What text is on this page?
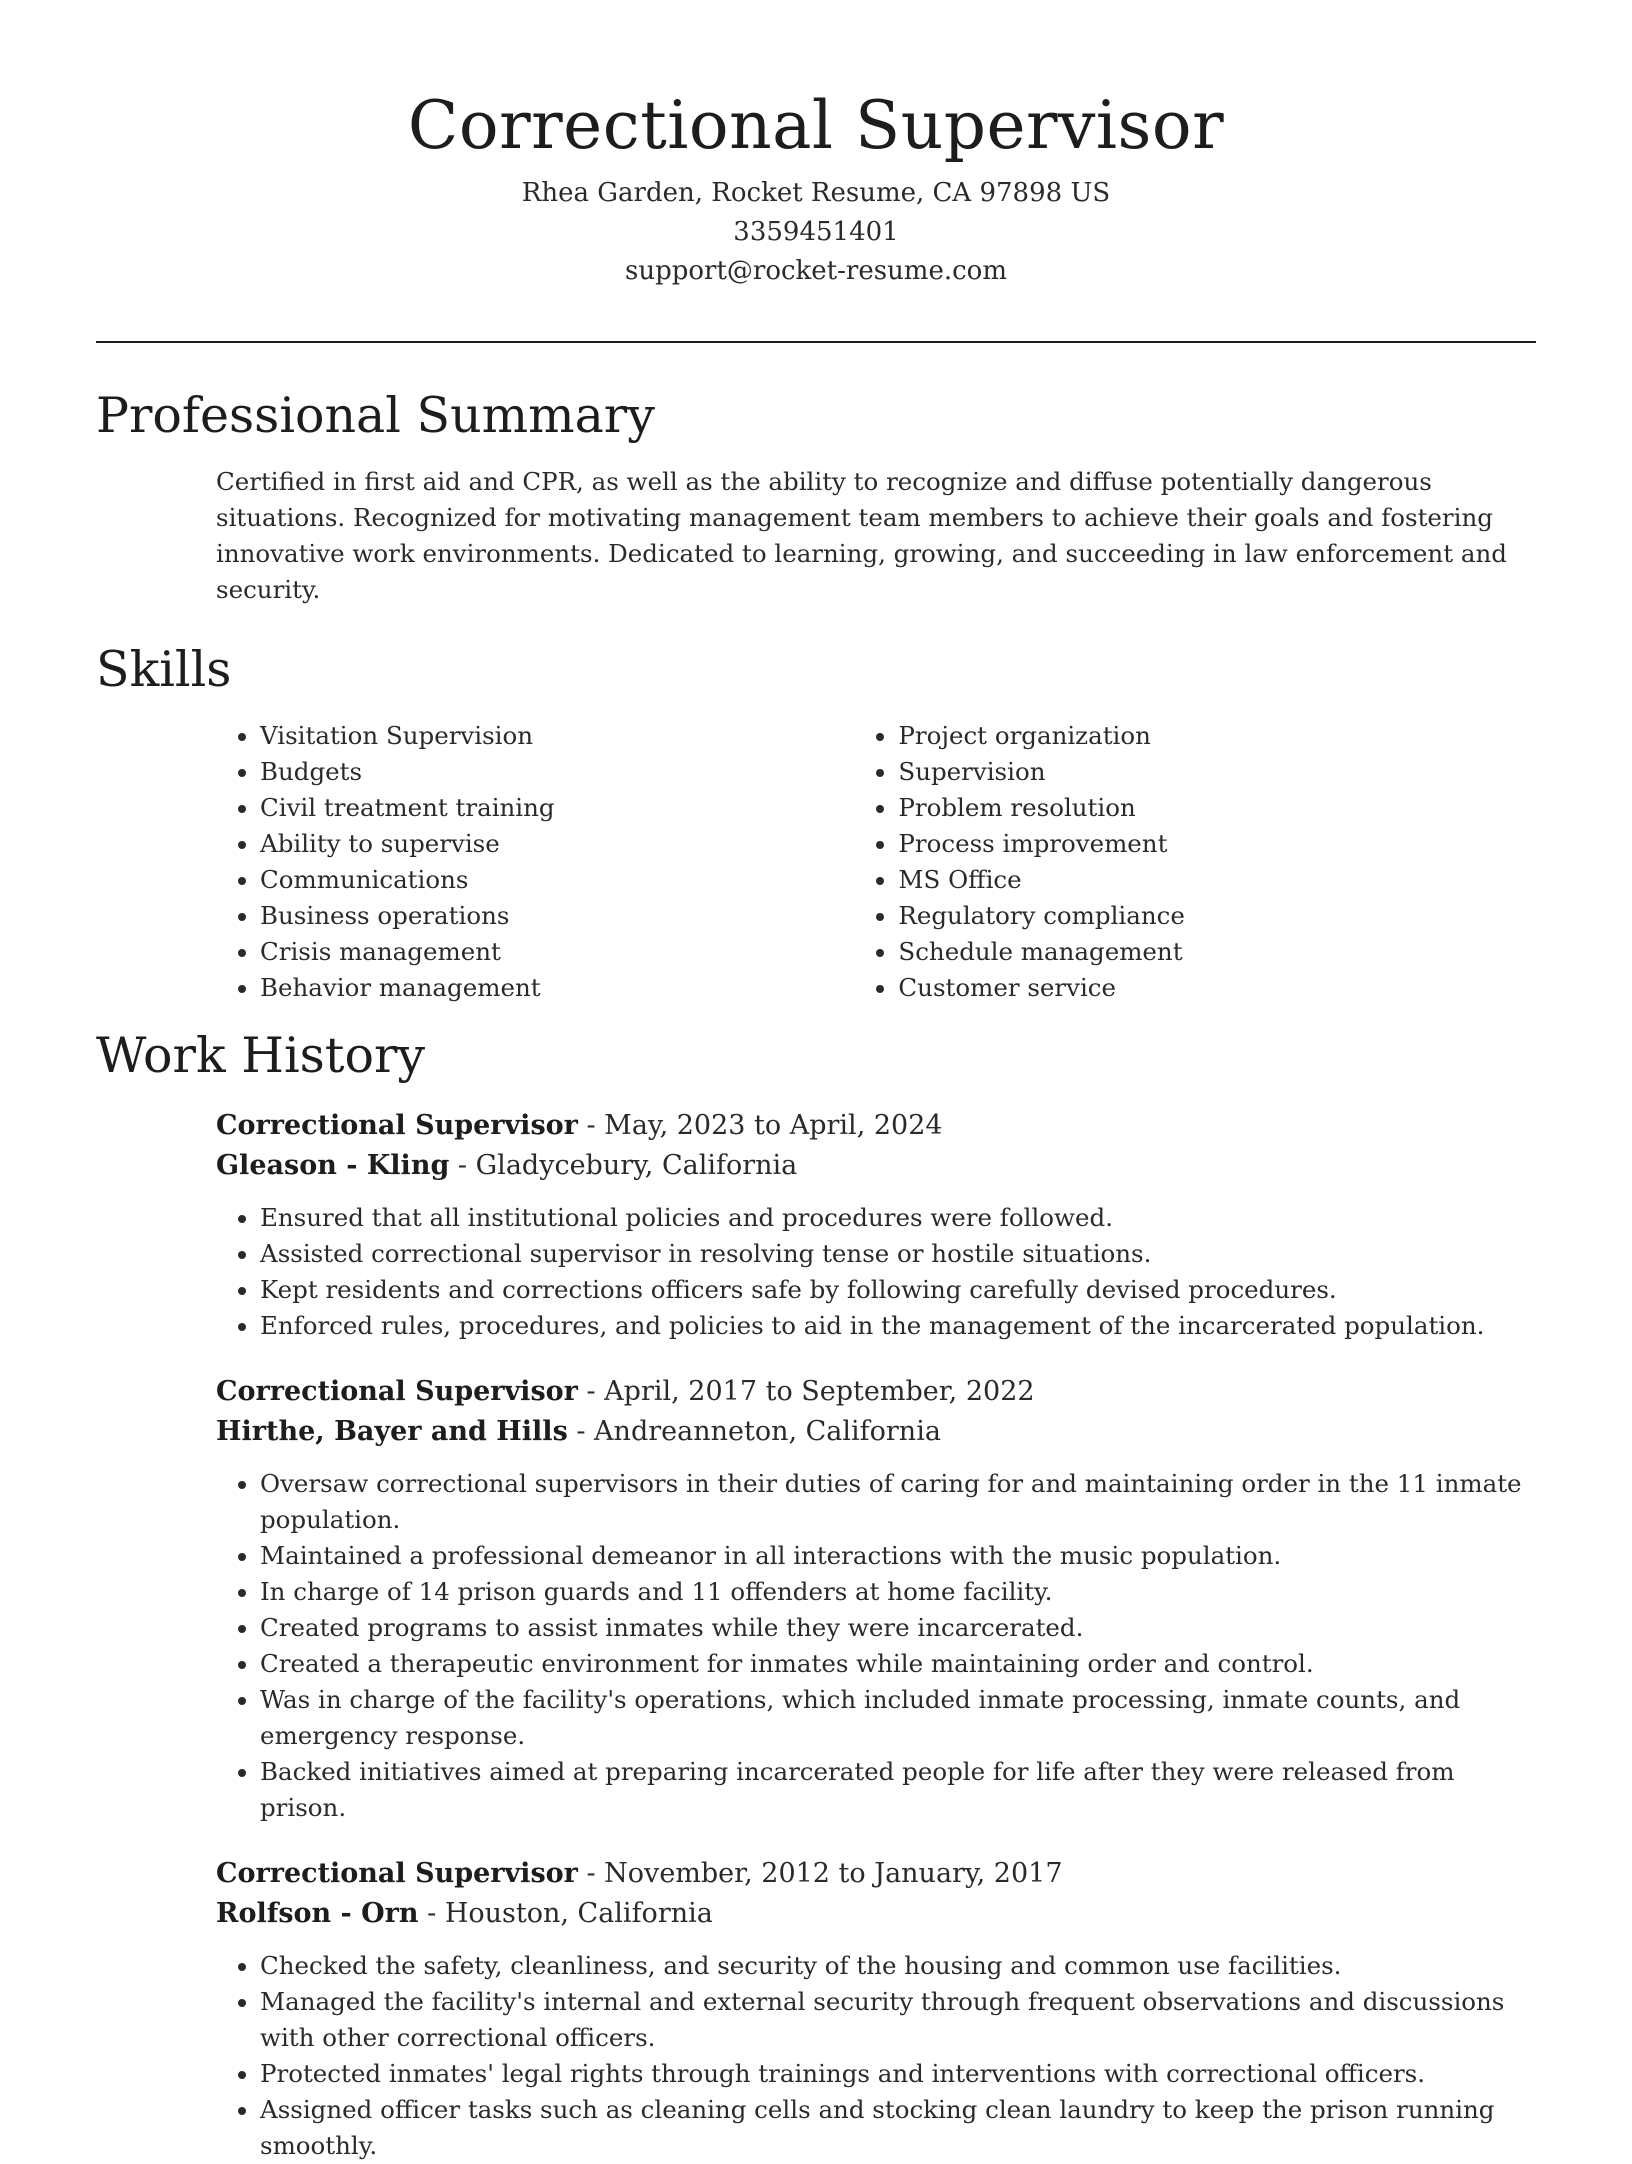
Correctional Supervisor
Rhea Garden, Rocket Resume, CA 97898 US
3359451401
support@rocket-resume.com
Professional Summary

Certified in first aid and CPR, as well as the ability to recognize and diffuse potentially dangerous situations. Recognized for motivating management team members to achieve their goals and fostering innovative work environments. Dedicated to learning, growing, and succeeding in law enforcement and security.

Skills
• Visitation Supervision
• Budgets
• Civil treatment training
• Ability to supervise
• Communications
• Business operations
• Crisis management
• Behavior management
• Project organization
• Supervision
• Problem resolution
• Process improvement
• MS Office
• Regulatory compliance
• Schedule management
• Customer service
Work History
Correctional Supervisor - May, 2023 to April, 2024
Gleason - Kling - Gladycebury, California
• Ensured that all institutional policies and procedures were followed.
• Assisted correctional supervisor in resolving tense or hostile situations.
• Kept residents and corrections officers safe by following carefully devised procedures.
• Enforced rules, procedures, and policies to aid in the management of the incarcerated population.
Correctional Supervisor - April, 2017 to September, 2022
Hirthe, Bayer and Hills - Andreanneton, California
• Oversaw correctional supervisors in their duties of caring for and maintaining order in the 11 inmate population.
• Maintained a professional demeanor in all interactions with the music population.
• In charge of 14 prison guards and 11 offenders at home facility.
• Created programs to assist inmates while they were incarcerated.
• Created a therapeutic environment for inmates while maintaining order and control.
• Was in charge of the facility's operations, which included inmate processing, inmate counts, and emergency response.
• Backed initiatives aimed at preparing incarcerated people for life after they were released from prison.
Correctional Supervisor - November, 2012 to January, 2017
Rolfson - Orn - Houston, California
• Checked the safety, cleanliness, and security of the housing and common use facilities.
• Managed the facility's internal and external security through frequent observations and discussions with other correctional officers.
• Protected inmates' legal rights through trainings and interventions with correctional officers.
• Assigned officer tasks such as cleaning cells and stocking clean laundry to keep the prison running smoothly.
